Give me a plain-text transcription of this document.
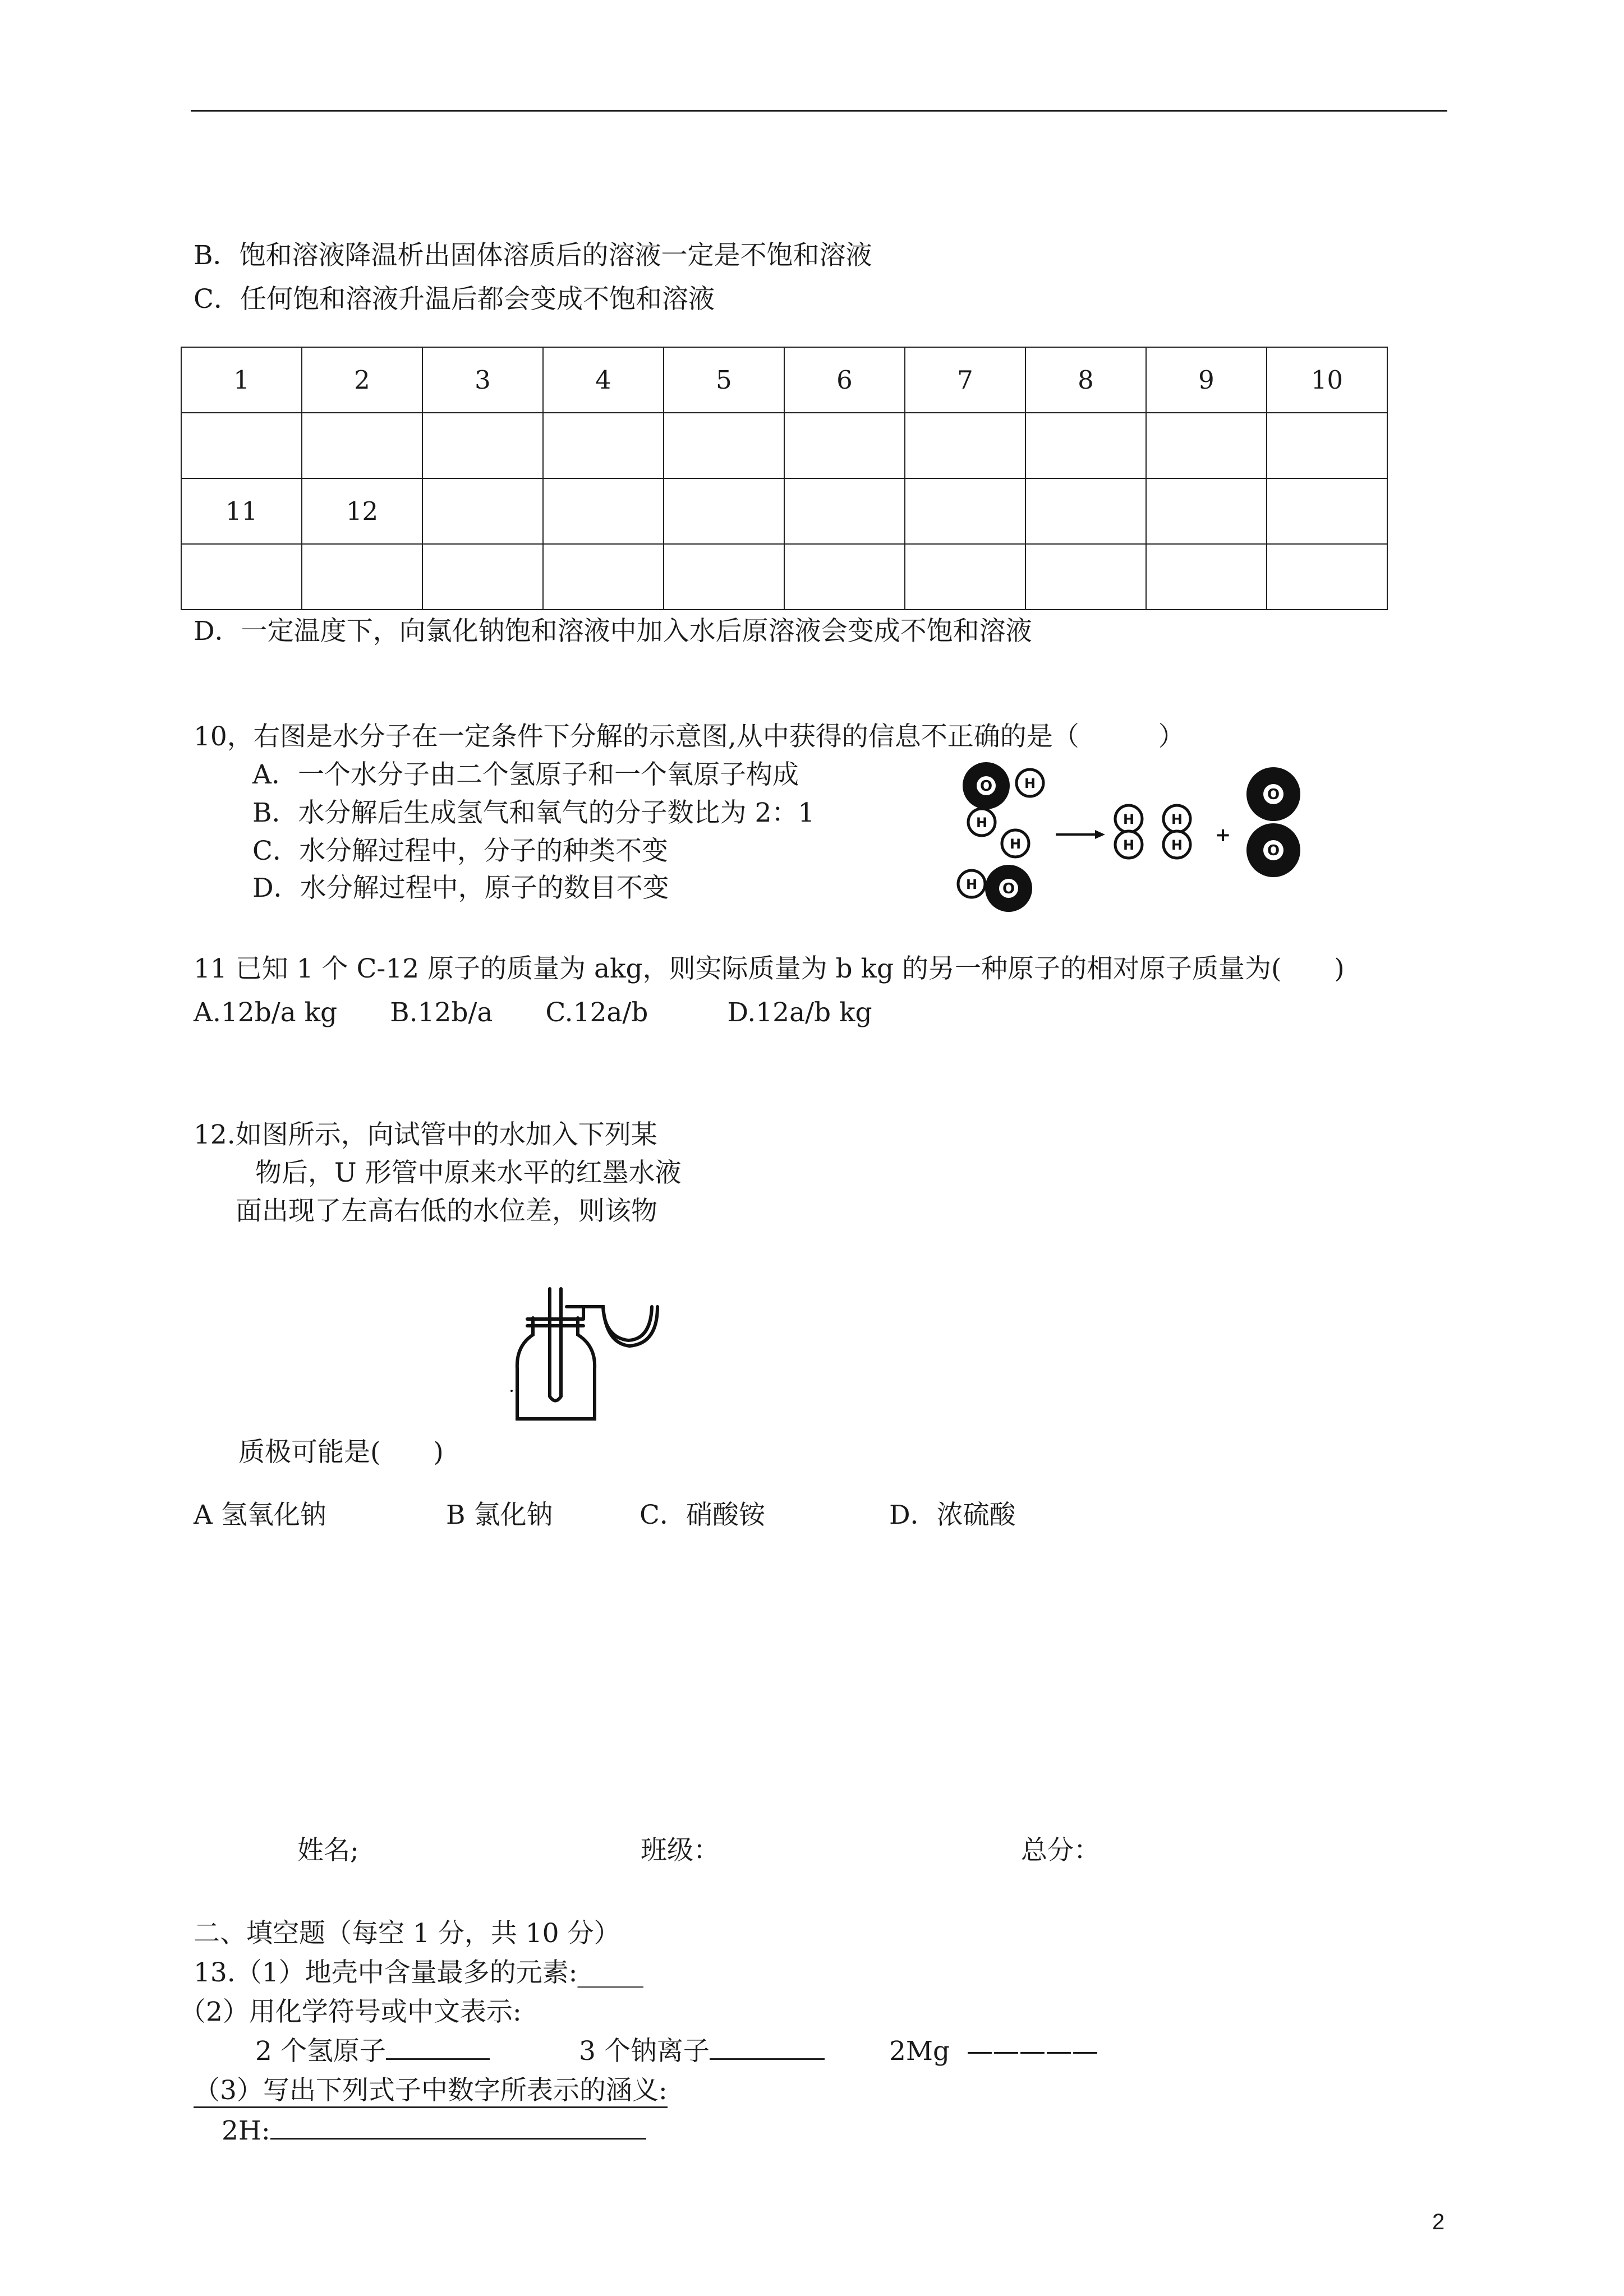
B．饱和溶液降温析出固体溶质后的溶液一定是不饱和溶液
C．任何饱和溶液升温后都会变成不饱和溶液
1	2	3	4	5	6	7	8	9	10

11	12								

D．一定温度下，向氯化钠饱和溶液中加入水后原溶液会变成不饱和溶液
10，右图是水分子在一定条件下分解的示意图,从中获得的信息不正确的是（　　　）
A．一个水分子由二个氢原子和一个氧原子构成
B．水分解后生成氢气和氧气的分子数比为 2：1
C．水分解过程中，分子的种类不变
D．水分解过程中，原子的数目不变
O H
H
H
H O
H
H
H
H +
O
O
11 已知 1 个 C-12 原子的质量为 akg，则实际质量为 b kg 的另一种原子的相对原子质量为(　　)
A.12b/a kg　　B.12b/a　　C.12a/b　　　D.12a/b kg
12.如图所示，向试管中的水加入下列某
物后，U 形管中原来水平的红墨水液
面出现了左高右低的水位差，则该物
质极可能是(　　)
A 氢氧化钠	B 氯化钠	C．硝酸铵	D．浓硫酸
姓名;	班级：	总分：
二、填空题（每空 1 分，共 10 分）
13.（1）地壳中含量最多的元素:_____
（2）用化学符号或中文表示:
2 个氢原子	3 个钠离子	2Mg —————
（3）写出下列式子中数字所表示的涵义:
2H:
2
